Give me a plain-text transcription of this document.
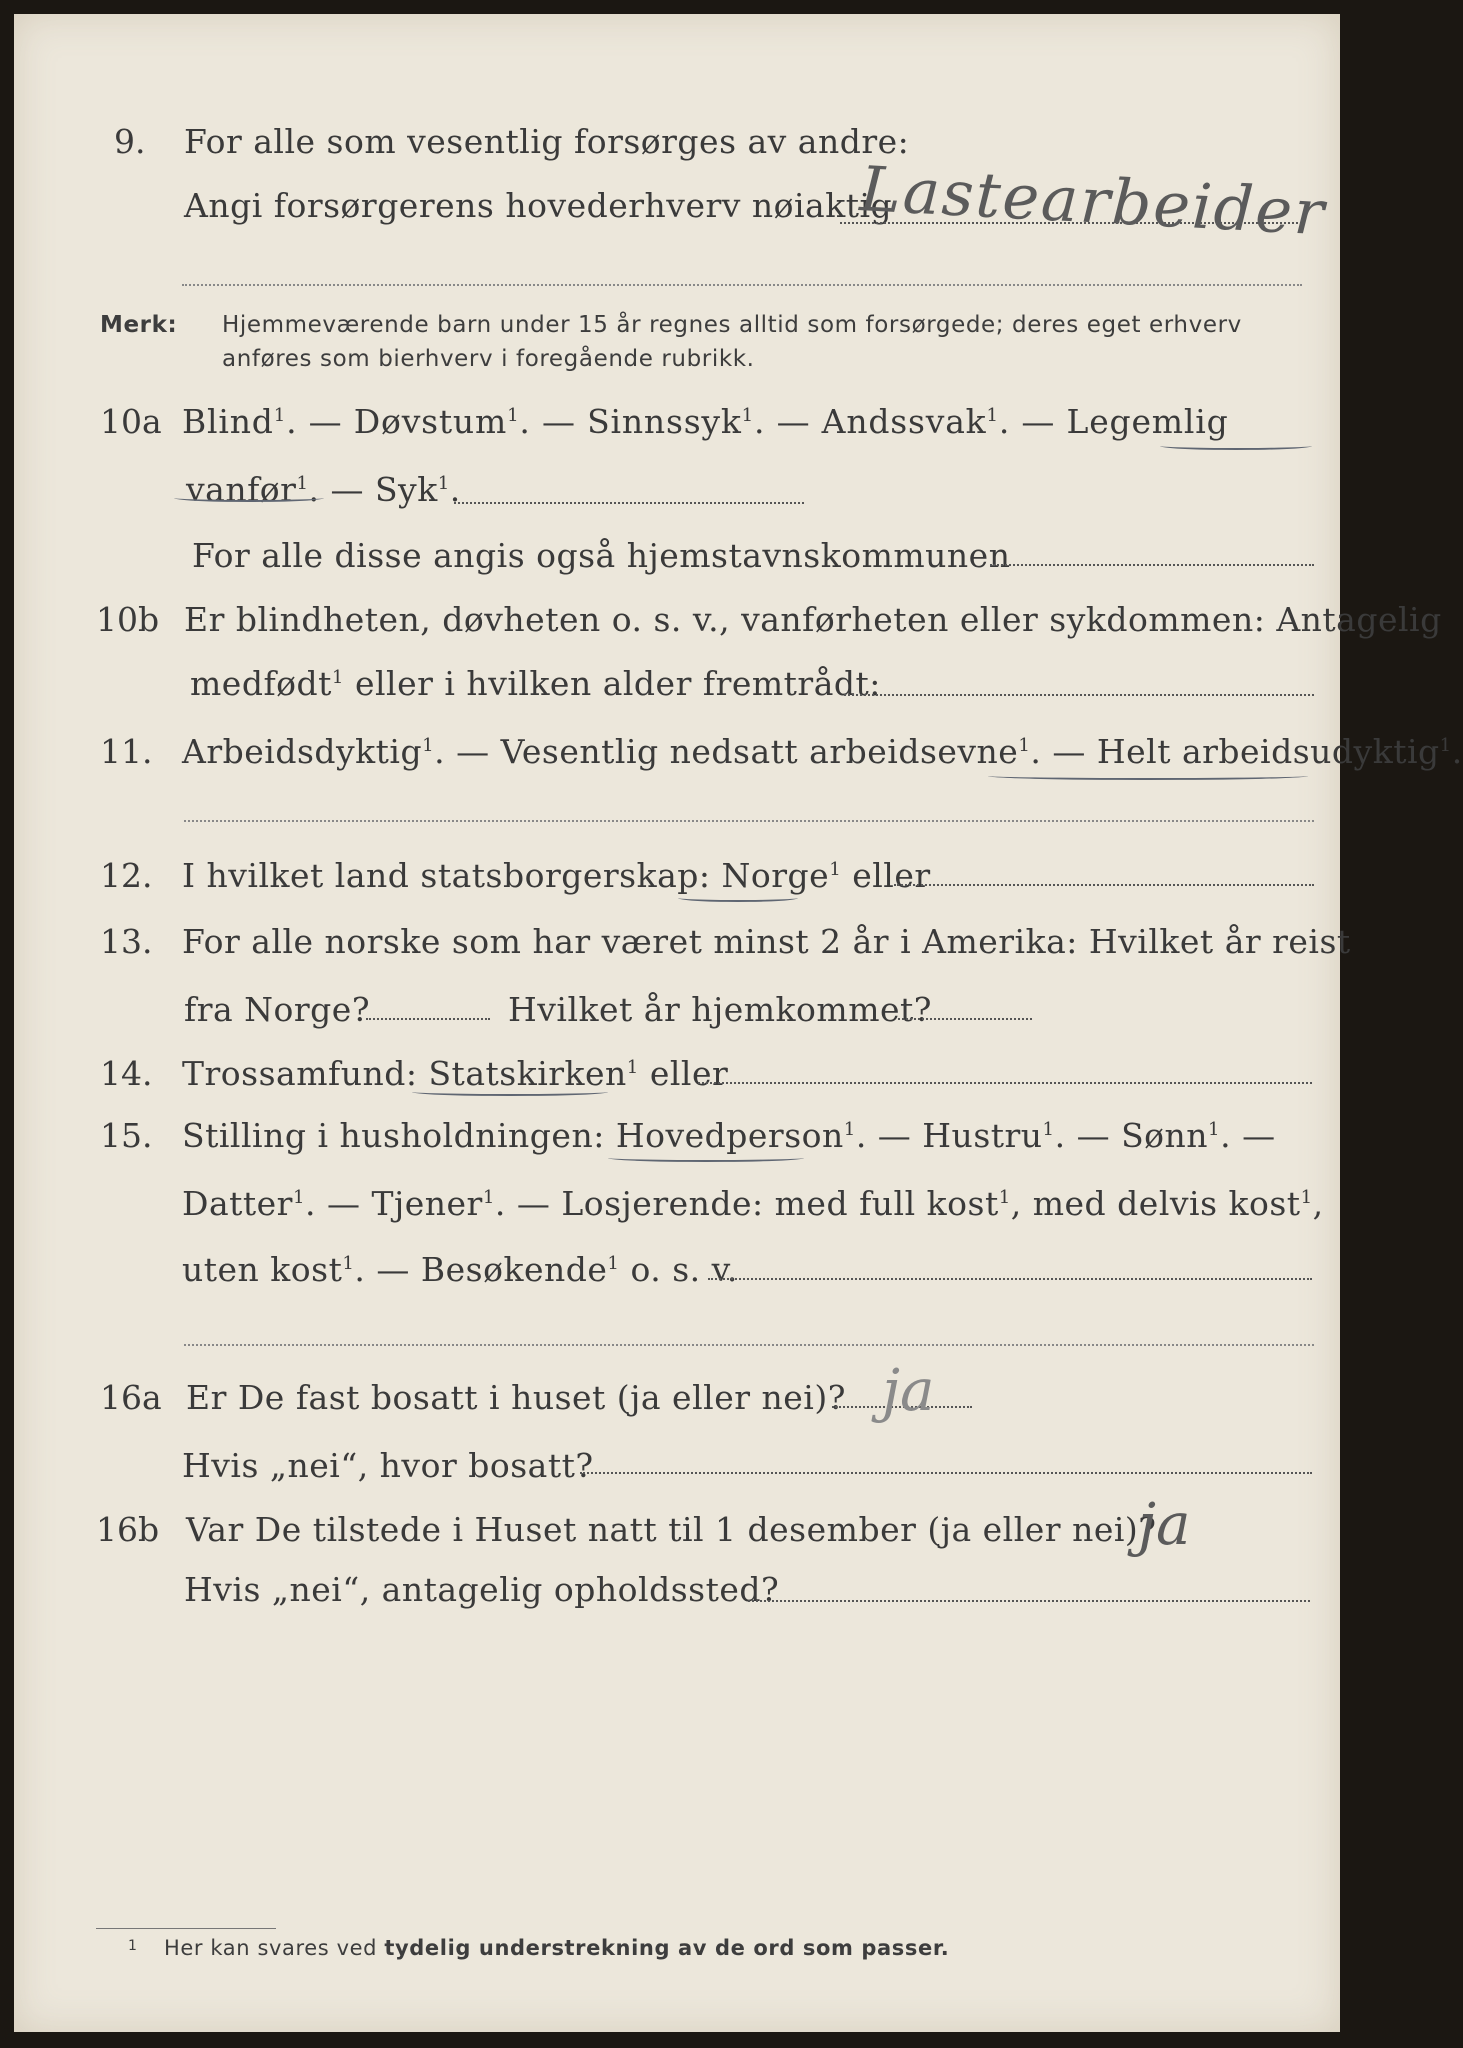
9. For alle som vesentlig forsørges av andre:
Angi forsørgerens hovederhverv nøiaktig
Lastearbeider
Merk: Hjemmeværende barn under 15 år regnes alltid som forsørgede; deres eget erhverv
anføres som bierhverv i foregående rubrikk.
10a Blind$^1$. — Døvstum$^1$. — Sinnssyk$^1$. — Andssvak$^1$. — Legemlig
vanfør$^1$. — Syk$^1$.
For alle disse angis også hjemstavnskommunen
10b Er blindheten, døvheten o. s. v., vanførheten eller sykdommen: Antagelig
medfødt$^1$ eller i hvilken alder fremtrådt:
11. Arbeidsdyktig$^1$. — Vesentlig nedsatt arbeidsevne$^1$. — Helt arbeidsudyktig$^1$.
12. I hvilket land statsborgerskap: Norge$^1$ eller
13. For alle norske som har været minst 2 år i Amerika: Hvilket år reist
fra Norge?	Hvilket år hjemkommet?
14. Trossamfund: Statskirken$^1$ eller
15. Stilling i husholdningen: Hovedperson$^1$. — Hustru$^1$. — Sønn$^1$. —
Datter$^1$. — Tjener$^1$. — Losjerende: med full kost$^1$, med delvis kost$^1$,
uten kost$^1$. — Besøkende$^1$ o. s. v.
16a Er De fast bosatt i huset (ja eller nei)? ja
Hvis „nei“, hvor bosatt?
16b Var De tilstede i Huset natt til 1 desember (ja eller nei)?
ja
Hvis „nei“, antagelig opholdssted?
1 Her kan svares ved tydelig understrekning av de ord som passer.
